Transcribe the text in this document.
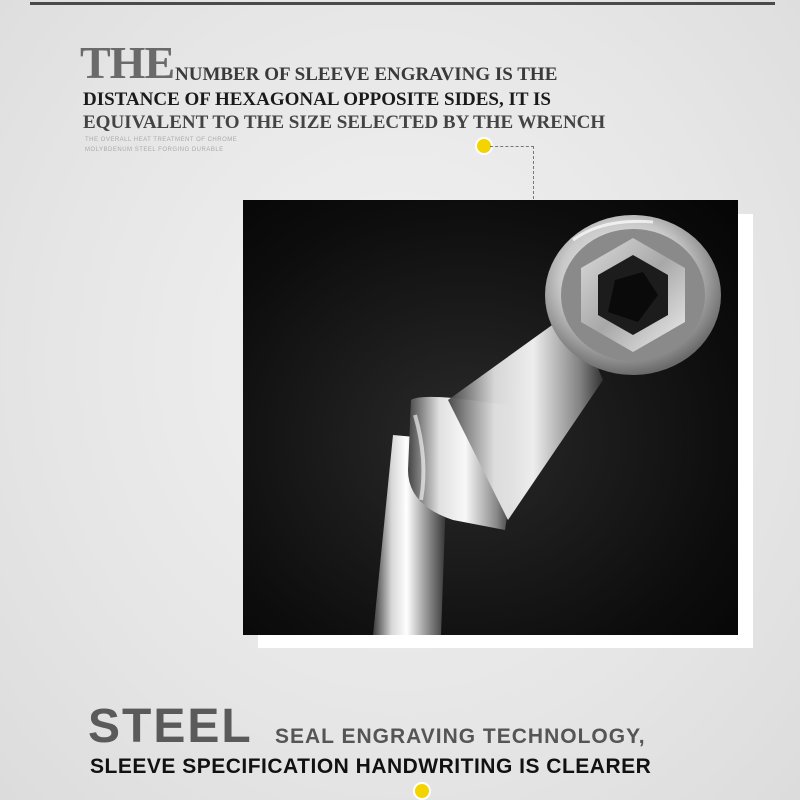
THE NUMBER OF SLEEVE ENGRAVING IS THE
DISTANCE OF HEXAGONAL OPPOSITE SIDES, IT IS
EQUIVALENT TO THE SIZE SELECTED BY THE WRENCH
THE OVERALL HEAT TREATMENT OF CHROME
MOLYBDENUM STEEL FORGING DURABLE
STEEL SEAL ENGRAVING TECHNOLOGY,
SLEEVE SPECIFICATION HANDWRITING IS CLEARER
